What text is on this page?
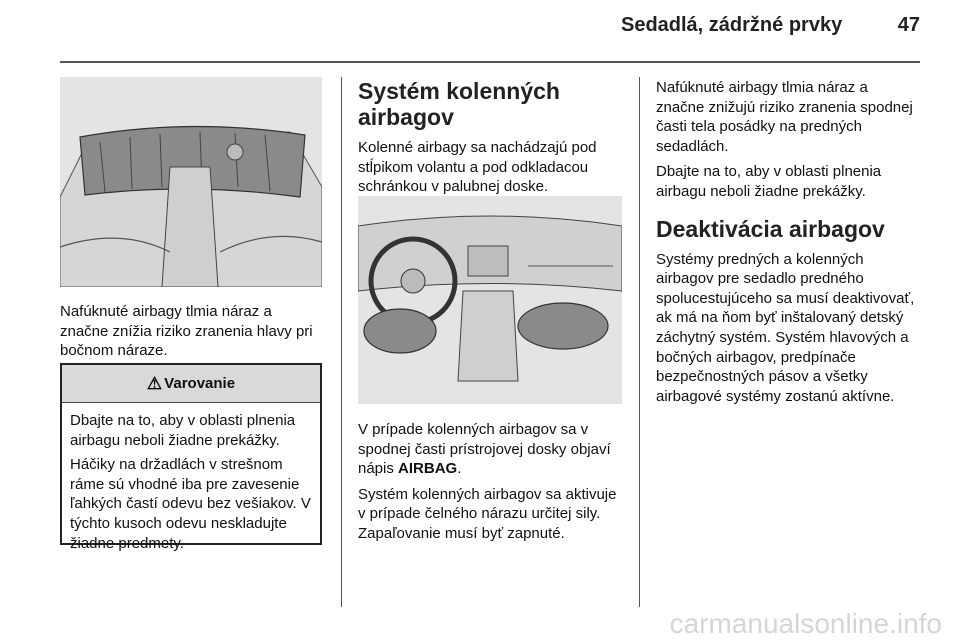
Sedadlá, zádržné prvky	47

Nafúknuté airbagy tlmia náraz a značne znížia riziko zranenia hlavy pri bočnom náraze.

⚠ Varovanie

Dbajte na to, aby v oblasti plnenia airbagu neboli žiadne prekážky.

Háčiky na držadlách v strešnom ráme sú vhodné iba pre zavesenie ľahkých častí odevu bez vešiakov. V týchto kusoch odevu neskladujte žiadne predmety.

Systém kolenných airbagov

Kolenné airbagy sa nachádzajú pod stĺpikom volantu a pod odkladacou schránkou v palubnej doske.

V prípade kolenných airbagov sa v spodnej časti prístrojovej dosky objaví nápis AIRBAG.

Systém kolenných airbagov sa aktivuje v prípade čelného nárazu určitej sily. Zapaľovanie musí byť zapnuté.

Nafúknuté airbagy tlmia náraz a značne znižujú riziko zranenia spodnej časti tela posádky na predných sedadlách.

Dbajte na to, aby v oblasti plnenia airbagu neboli žiadne prekážky.

Deaktivácia airbagov

Systémy predných a kolenných airbagov pre sedadlo predného spolucestujúceho sa musí deaktivovať, ak má na ňom byť inštalovaný detský záchytný systém. Systém hlavových a bočných airbagov, predpínače bezpečnostných pásov a všetky airbagové systémy zostanú aktívne.

carmanualsonline.info
